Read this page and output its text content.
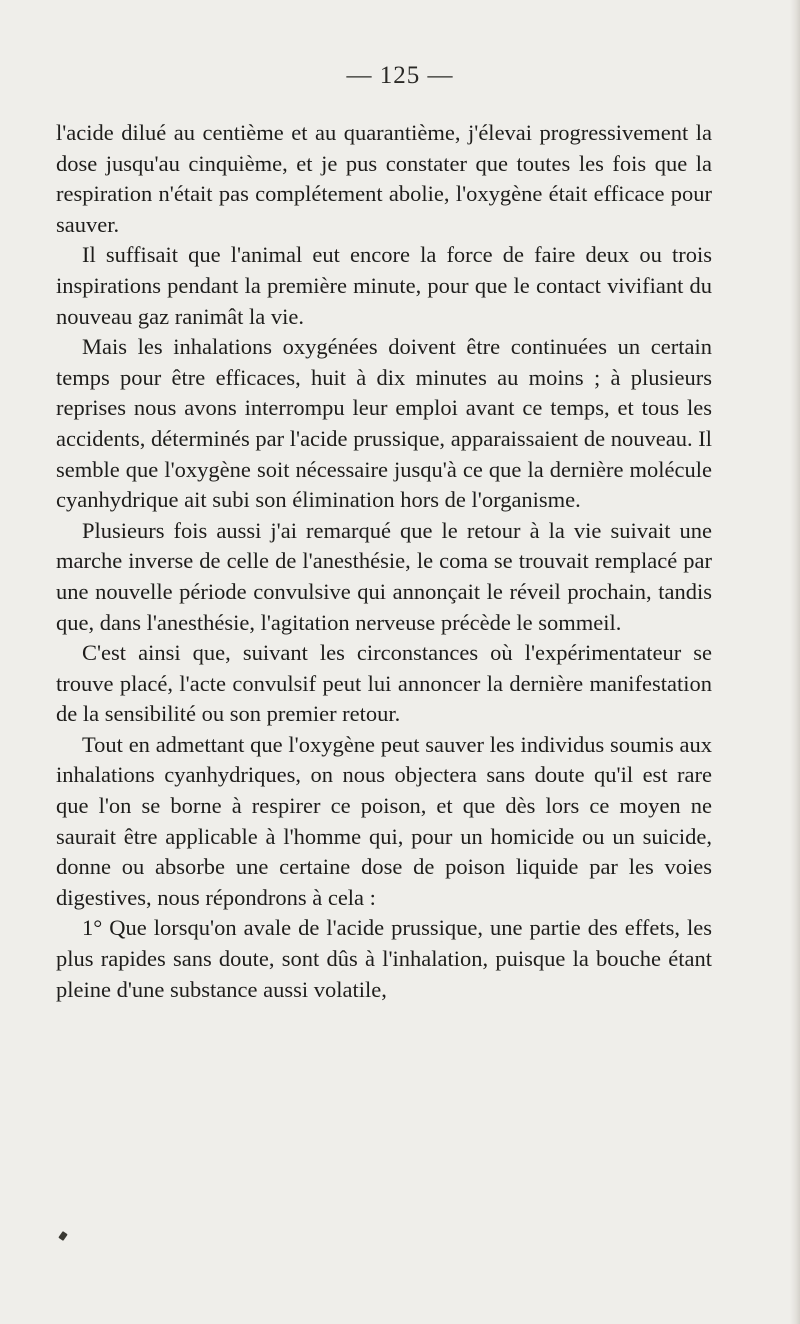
— 125 —

l'acide dilué au centième et au quarantième, j'élevai progressivement la dose jusqu'au cinquième, et je pus constater que toutes les fois que la respiration n'était pas complétement abolie, l'oxygène était efficace pour sauver.

Il suffisait que l'animal eut encore la force de faire deux ou trois inspirations pendant la première minute, pour que le contact vivifiant du nouveau gaz ranimât la vie.

Mais les inhalations oxygénées doivent être continuées un certain temps pour être efficaces, huit à dix minutes au moins ; à plusieurs reprises nous avons interrompu leur emploi avant ce temps, et tous les accidents, déterminés par l'acide prussique, apparaissaient de nouveau. Il semble que l'oxygène soit nécessaire jusqu'à ce que la dernière molécule cyanhydrique ait subi son élimination hors de l'organisme.

Plusieurs fois aussi j'ai remarqué que le retour à la vie suivait une marche inverse de celle de l'anesthésie, le coma se trouvait remplacé par une nouvelle période convulsive qui annonçait le réveil prochain, tandis que, dans l'anesthésie, l'agitation nerveuse précède le sommeil.

C'est ainsi que, suivant les circonstances où l'expérimentateur se trouve placé, l'acte convulsif peut lui annoncer la dernière manifestation de la sensibilité ou son premier retour.

Tout en admettant que l'oxygène peut sauver les individus soumis aux inhalations cyanhydriques, on nous objectera sans doute qu'il est rare que l'on se borne à respirer ce poison, et que dès lors ce moyen ne saurait être applicable à l'homme qui, pour un homicide ou un suicide, donne ou absorbe une certaine dose de poison liquide par les voies digestives, nous répondrons à cela :

1° Que lorsqu'on avale de l'acide prussique, une partie des effets, les plus rapides sans doute, sont dûs à l'inhalation, puisque la bouche étant pleine d'une substance aussi volatile,
